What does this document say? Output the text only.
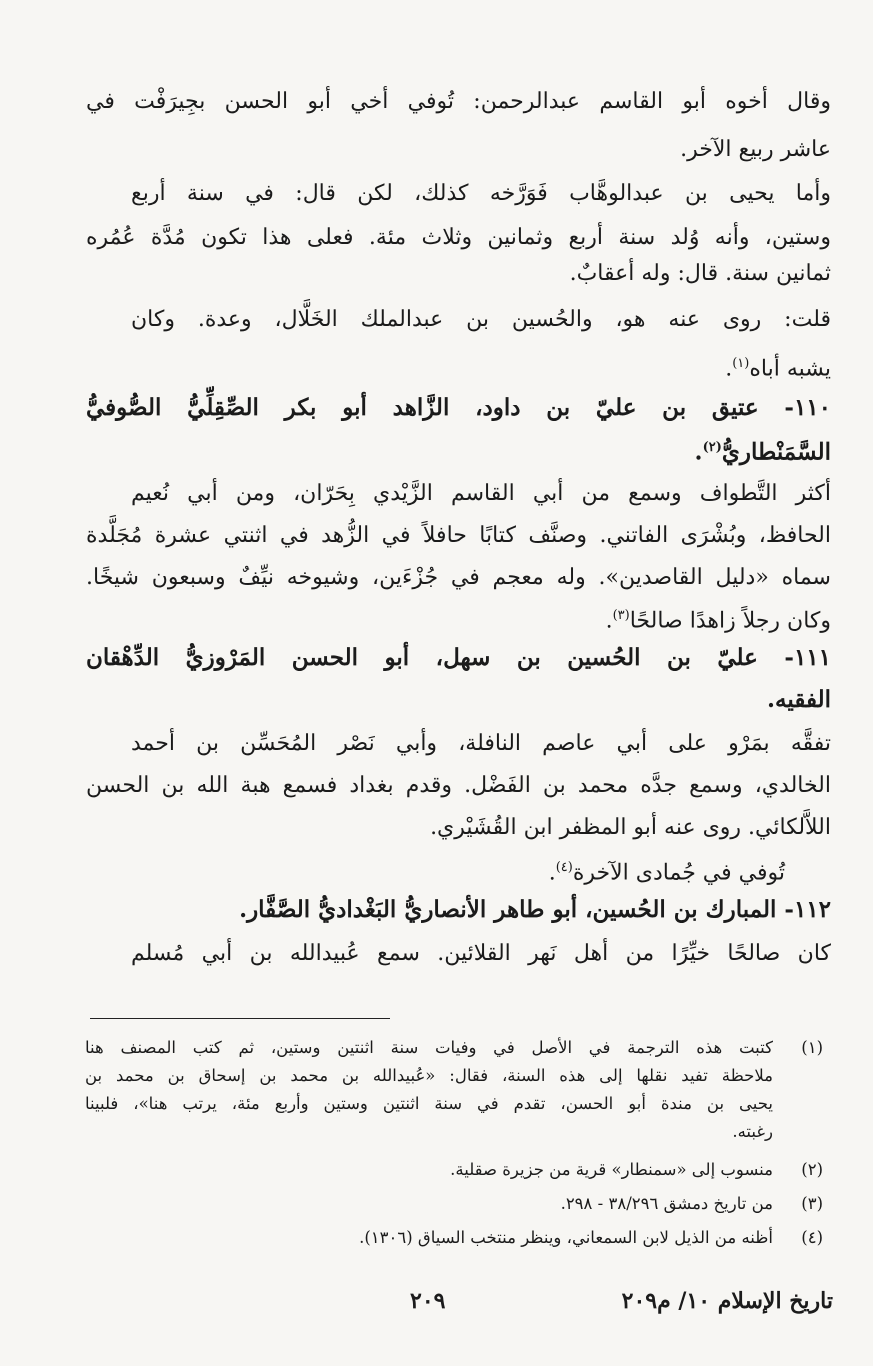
وقال أخوه أبو القاسم عبدالرحمن: تُوفي أخي أبو الحسن بجِيرَفْت في
عاشر ربيع الآخر.
وأما يحيى بن عبدالوهَّاب فَوَرَّخه كذلك، لكن قال: في سنة أربع
وستين، وأنه وُلد سنة أربع وثمانين وثلاث مئة. فعلى هذا تكون مُدَّة عُمُره
ثمانين سنة. قال: وله أعقابٌ.
قلت: روى عنه هو، والحُسين بن عبدالملك الخَلَّال، وعدة. وكان
يشبه أباه$^{(١)}$.
١١٠- عتيق بن عليّ بن داود، الزَّاهد أبو بكر الصِّقِلِّيُّ الصُّوفيُّ
السَّمَنْطاريُّ$^{(٢)}$.
أكثر التَّطواف وسمع من أبي القاسم الزَّيْدي بِحَرّان، ومن أبي نُعيم
الحافظ، وبُشْرَى الفاتني. وصنَّف كتابًا حافلاً في الزُّهد في اثنتي عشرة مُجَلَّدة
سماه «دليل القاصدين». وله معجم في جُزْءَين، وشيوخه نيِّفٌ وسبعون شيخًا.
وكان رجلاً زاهدًا صالحًا$^{(٣)}$.
١١١- عليّ بن الحُسين بن سهل، أبو الحسن المَرْوزيُّ الدِّهْقان
الفقيه.
تفقَّه بمَرْو على أبي عاصم النافلة، وأبي نَصْر المُحَسِّن بن أحمد
الخالدي، وسمع جدَّه محمد بن الفَضْل. وقدم بغداد فسمع هبة الله بن الحسن
اللاَّلكائي. روى عنه أبو المظفر ابن القُشَيْري.
تُوفي في جُمادى الآخرة$^{(٤)}$.
١١٢- المبارك بن الحُسين، أبو طاهر الأنصاريُّ البَغْداديُّ الصَّفَّار.
كان صالحًا خيِّرًا من أهل نَهر القلائين. سمع عُبيدالله بن أبي مُسلم
(١)
كتبت هذه الترجمة في الأصل في وفيات سنة اثنتين وستين، ثم كتب المصنف هنا
ملاحظة تفيد نقلها إلى هذه السنة، فقال: «عُبيدالله بن محمد بن إسحاق بن محمد بن
يحيى بن مندة أبو الحسن، تقدم في سنة اثنتين وستين وأربع مئة، يرتب هنا»، فلبينا
رغبته.
(٢)
منسوب إلى «سمنطار» قرية من جزيرة صقلية.
(٣)
من تاريخ دمشق ٣٨/٢٩٦ - ٢٩٨.
(٤)
أظنه من الذيل لابن السمعاني، وينظر منتخب السياق (١٣٠٦).
تاريخ الإسلام ١٠/ م٢٠٩
٢٠٩
